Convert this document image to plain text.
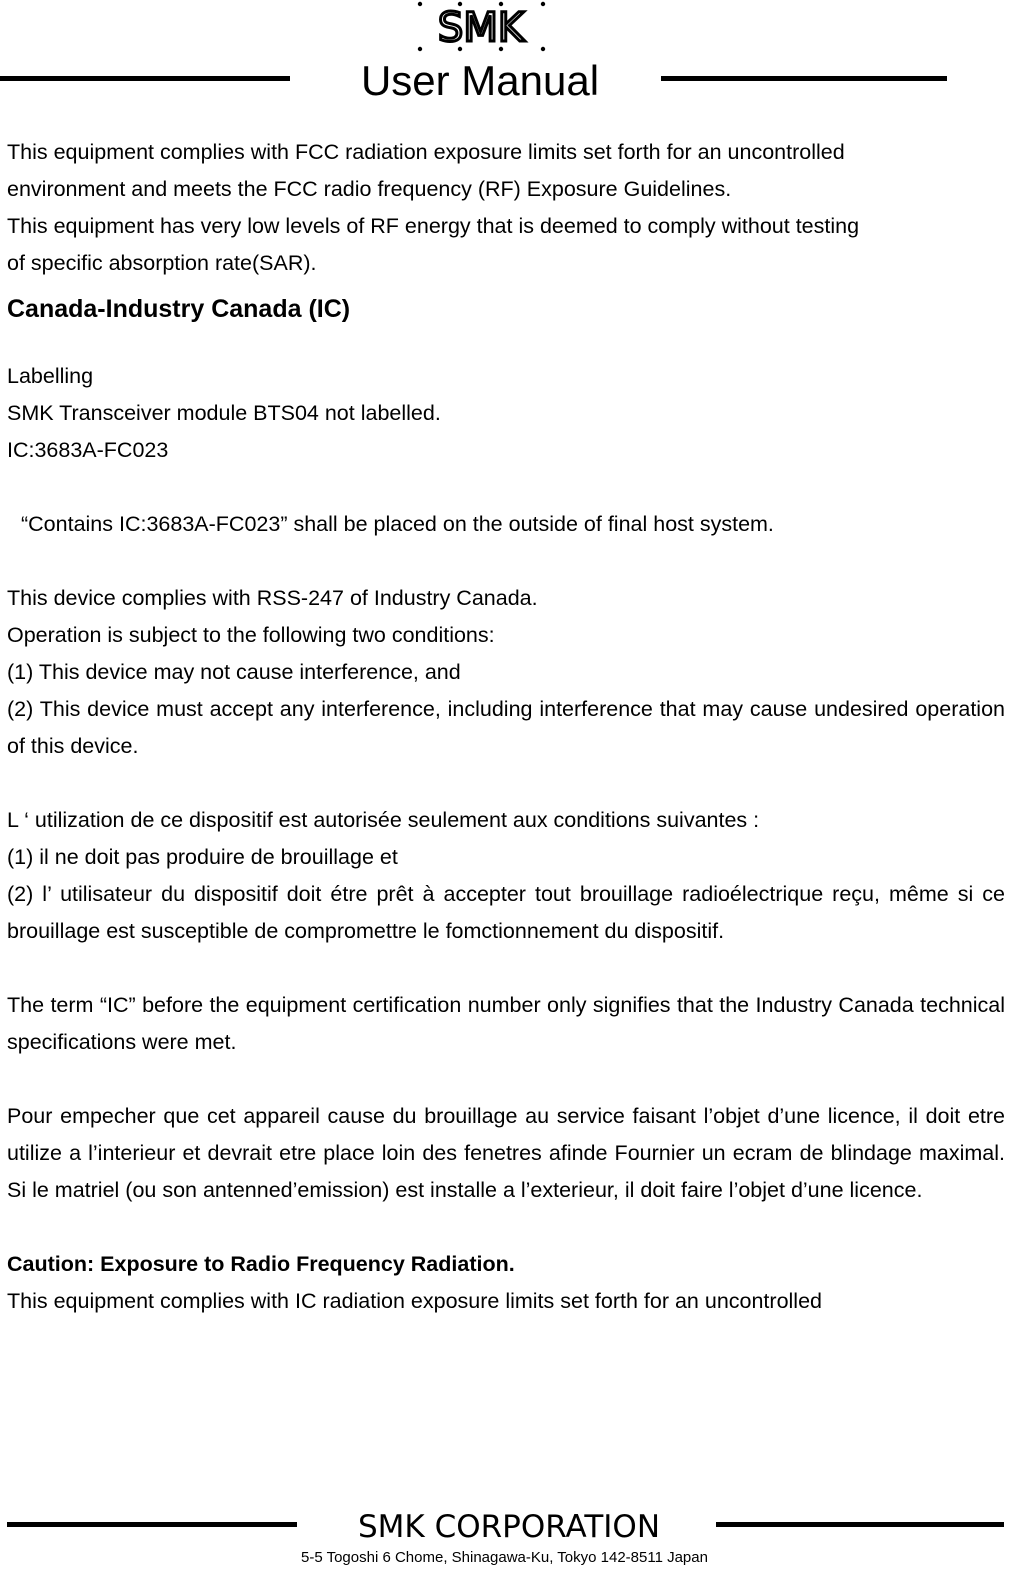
SMK
User Manual

This equipment complies with FCC radiation exposure limits set forth for an uncontrolled

environment and meets the FCC radio frequency (RF) Exposure Guidelines.

This equipment has very low levels of RF energy that is deemed to comply without testing

of specific absorption rate(SAR).

Canada-Industry Canada (IC)

Labelling

SMK Transceiver module BTS04 not labelled.

IC:3683A-FC023

“Contains IC:3683A-FC023” shall be placed on the outside of final host system.

This device complies with RSS-247 of Industry Canada.

Operation is subject to the following two conditions:

(1) This device may not cause interference, and

(2) This device must accept any interference, including interference that may cause undesired operation of this device.

L ‘ utilization de ce dispositif est autorisée seulement aux conditions suivantes :

(1) il ne doit pas produire de brouillage et

(2) l’ utilisateur du dispositif doit étre prêt à accepter tout brouillage radioélectrique reçu, même si ce brouillage est susceptible de compromettre le fomctionnement du dispositif.

The term “IC” before the equipment certification number only signifies that the Industry Canada technical specifications were met.

Pour empecher que cet appareil cause du brouillage au service faisant l’objet d’une licence, il doit etre utilize a l’interieur et devrait etre place loin des fenetres afinde Fournier un ecram de blindage maximal. Si le matriel (ou son antenned’emission) est installe a l’exterieur, il doit faire l’objet d’une licence.

Caution: Exposure to Radio Frequency Radiation.

This equipment complies with IC radiation exposure limits set forth for an uncontrolled

SMK CORPORATION
5-5 Togoshi 6 Chome, Shinagawa-Ku, Tokyo 142-8511 Japan
